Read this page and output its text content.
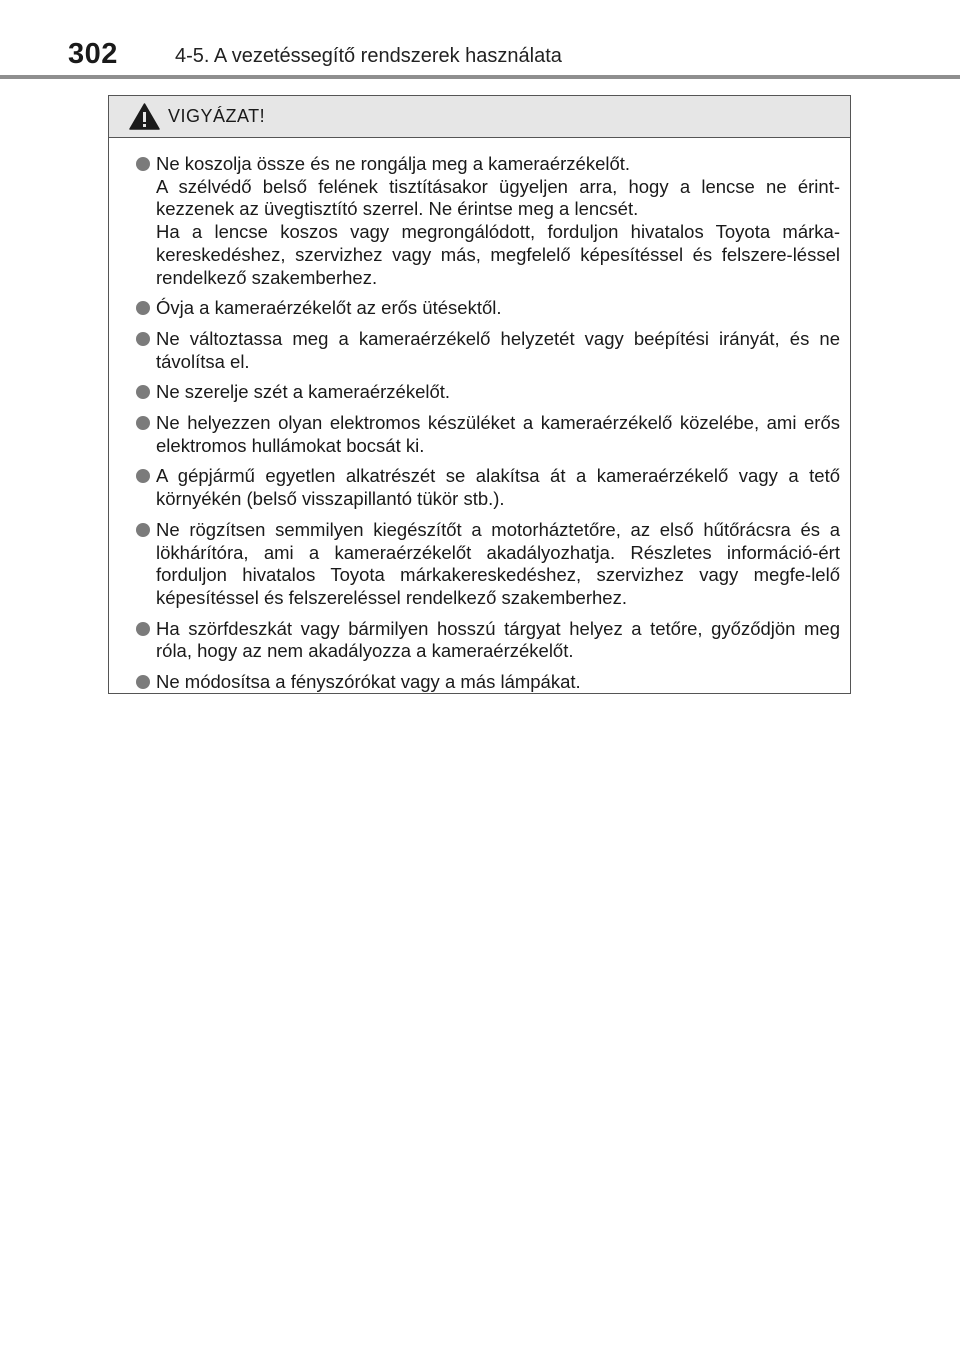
302	4-5. A vezetéssegítő rendszerek használata
VIGYÁZAT!
Ne koszolja össze és ne rongálja meg a kameraérzékelőt.
A szélvédő belső felének tisztításakor ügyeljen arra, hogy a lencse ne érint-kezzenek az üvegtisztító szerrel. Ne érintse meg a lencsét.
Ha a lencse koszos vagy megrongálódott, forduljon hivatalos Toyota márka-kereskedéshez, szervizhez vagy más, megfelelő képesítéssel és felszere-léssel rendelkező szakemberhez.
Óvja a kameraérzékelőt az erős ütésektől.
Ne változtassa meg a kameraérzékelő helyzetét vagy beépítési irányát, és ne távolítsa el.
Ne szerelje szét a kameraérzékelőt.
Ne helyezzen olyan elektromos készüléket a kameraérzékelő közelébe, ami erős elektromos hullámokat bocsát ki.
A gépjármű egyetlen alkatrészét se alakítsa át a kameraérzékelő vagy a tető környékén (belső visszapillantó tükör stb.).
Ne rögzítsen semmilyen kiegészítőt a motorháztetőre, az első hűtőrácsra és a lökhárítóra, ami a kameraérzékelőt akadályozhatja. Részletes információ-ért forduljon hivatalos Toyota márkakereskedéshez, szervizhez vagy megfe-lelő képesítéssel és felszereléssel rendelkező szakemberhez.
Ha szörfdeszkát vagy bármilyen hosszú tárgyat helyez a tetőre, győződjön meg róla, hogy az nem akadályozza a kameraérzékelőt.
Ne módosítsa a fényszórókat vagy a más lámpákat.
